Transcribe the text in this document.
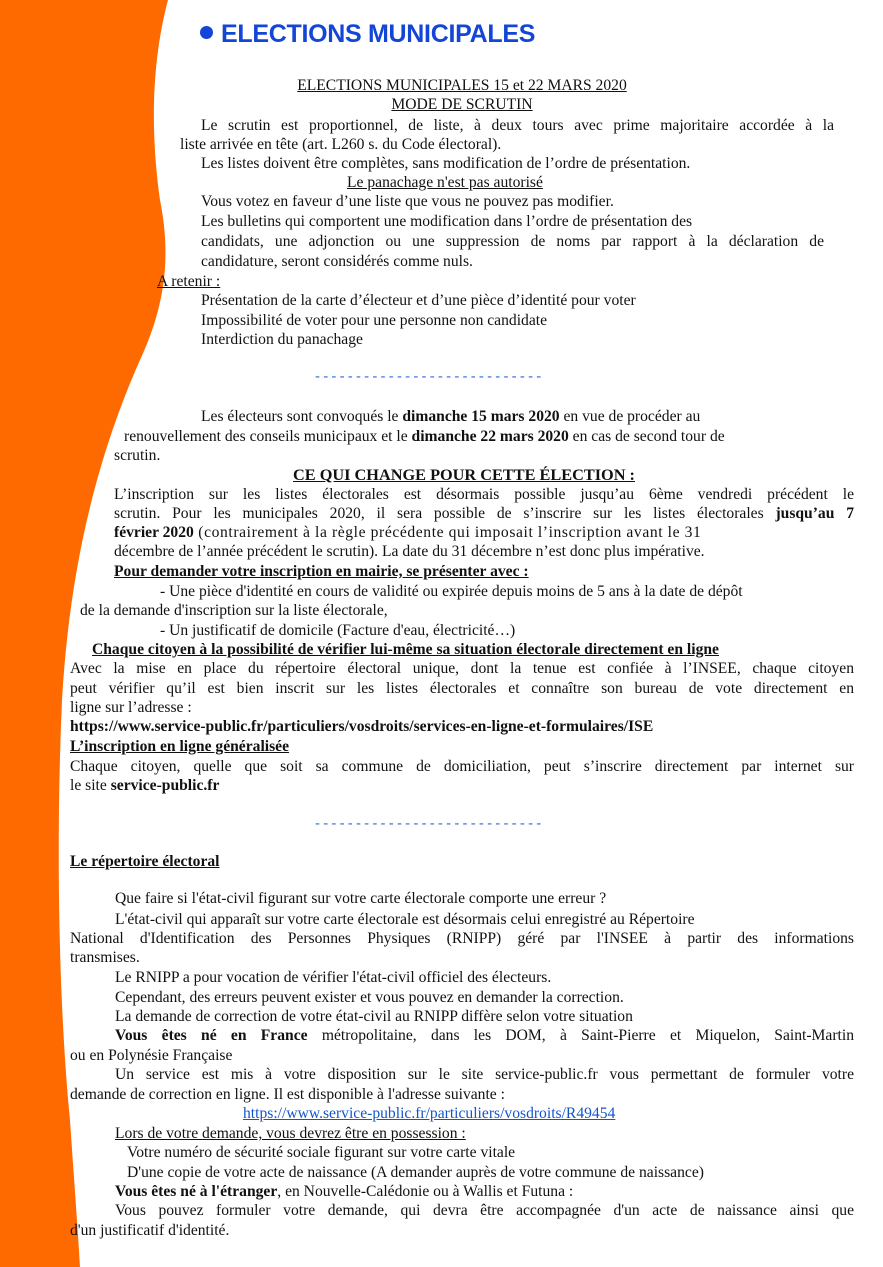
ELECTIONS MUNICIPALES
ELECTIONS MUNICIPALES 15 et 22 MARS 2020
MODE DE SCRUTIN
Le scrutin est proportionnel, de liste, à deux tours avec prime majoritaire accordée à la
liste arrivée en tête (art. L260 s. du Code électoral).
Les listes doivent être complètes, sans modification de l’ordre de présentation.
Le panachage n'est pas autorisé
Vous votez en faveur d’une liste que vous ne pouvez pas modifier.
Les bulletins qui comportent une modification dans l’ordre de présentation des
candidats, une adjonction ou une suppression de noms par rapport à la déclaration de
candidature, seront considérés comme nuls.
A retenir :
Présentation de la carte d’électeur et d’une pièce d’identité pour voter
Impossibilité de voter pour une personne non candidate
Interdiction du panachage
----------------------------
Les électeurs sont convoqués le dimanche 15 mars 2020 en vue de procéder au
renouvellement des conseils municipaux et le dimanche 22 mars 2020 en cas de second tour de
scrutin.
CE QUI CHANGE POUR CETTE ÉLECTION :
L’inscription sur les listes électorales est désormais possible jusqu’au 6ème vendredi précédent le
scrutin. Pour les municipales 2020, il sera possible de s’inscrire sur les listes électorales jusqu’au 7
février 2020 (contrairement à la règle précédente qui imposait l’inscription avant le 31
décembre de l’année précédent le scrutin). La date du 31 décembre n’est donc plus impérative.
Pour demander votre inscription en mairie, se présenter avec :
- Une pièce d'identité en cours de validité ou expirée depuis moins de 5 ans à la date de dépôt
de la demande d'inscription sur la liste électorale,
- Un justificatif de domicile (Facture d'eau, électricité…)
Chaque citoyen à la possibilité de vérifier lui-même sa situation électorale directement en ligne
Avec la mise en place du répertoire électoral unique, dont la tenue est confiée à l’INSEE, chaque citoyen
peut vérifier qu’il est bien inscrit sur les listes électorales et connaître son bureau de vote directement en
ligne sur l’adresse :
https://www.service-public.fr/particuliers/vosdroits/services-en-ligne-et-formulaires/ISE
L’inscription en ligne généralisée
Chaque citoyen, quelle que soit sa commune de domiciliation, peut s’inscrire directement par internet sur
le site service-public.fr
----------------------------
Le répertoire électoral
Que faire si l'état-civil figurant sur votre carte électorale comporte une erreur ?
L'état-civil qui apparaît sur votre carte électorale est désormais celui enregistré au Répertoire
National d'Identification des Personnes Physiques (RNIPP) géré par l'INSEE à partir des informations
transmises.
Le RNIPP a pour vocation de vérifier l'état-civil officiel des électeurs.
Cependant, des erreurs peuvent exister et vous pouvez en demander la correction.
La demande de correction de votre état-civil au RNIPP diffère selon votre situation
Vous êtes né en France métropolitaine, dans les DOM, à Saint-Pierre et Miquelon, Saint-Martin
ou en Polynésie Française
Un service est mis à votre disposition sur le site service-public.fr vous permettant de formuler votre
demande de correction en ligne. Il est disponible à l'adresse suivante :
https://www.service-public.fr/particuliers/vosdroits/R49454
Lors de votre demande, vous devrez être en possession :
Votre numéro de sécurité sociale figurant sur votre carte vitale
D'une copie de votre acte de naissance (A demander auprès de votre commune de naissance)
Vous êtes né à l'étranger, en Nouvelle-Calédonie ou à Wallis et Futuna :
Vous pouvez formuler votre demande, qui devra être accompagnée d'un acte de naissance ainsi que
d'un justificatif d'identité.
